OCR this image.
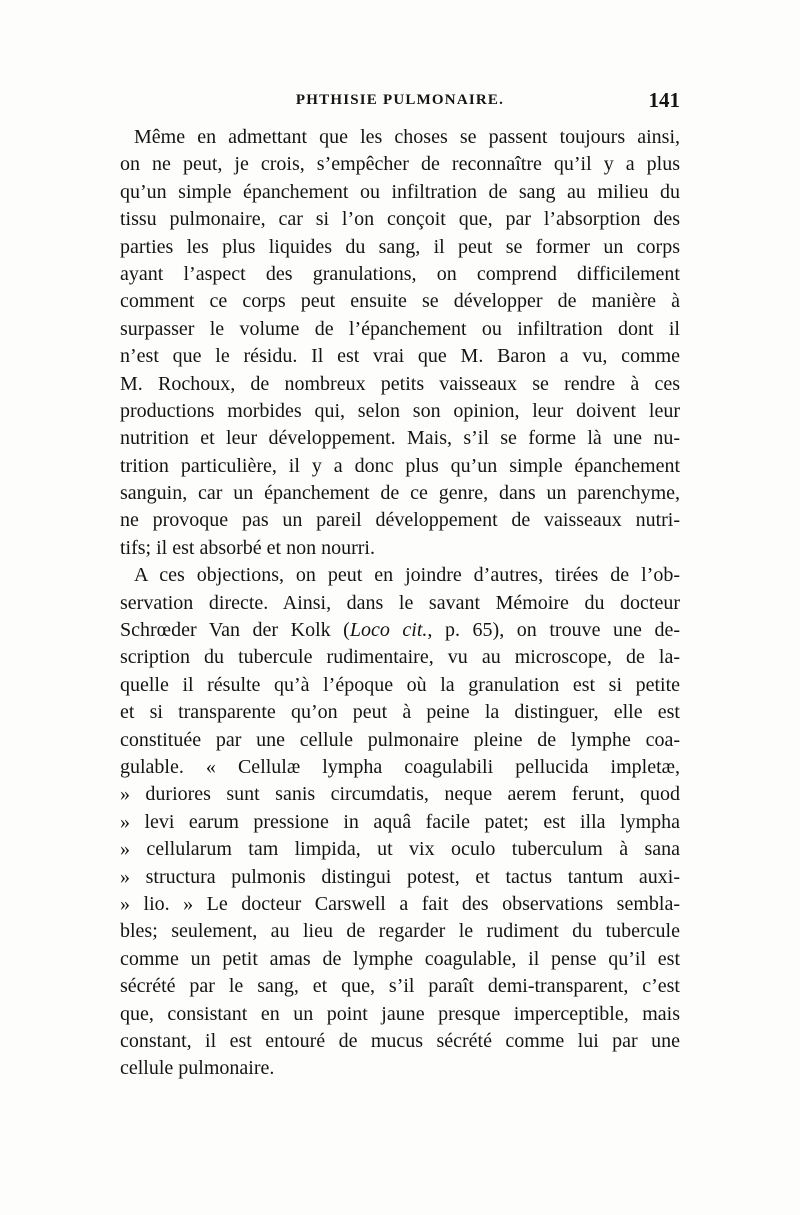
PHTHISIE PULMONAIRE.	141
Même en admettant que les choses se passent toujours ainsi,
on ne peut, je crois, s’empêcher de reconnaître qu’il y a plus
qu’un simple épanchement ou infiltration de sang au milieu du
tissu pulmonaire, car si l’on conçoit que, par l’absorption des
parties les plus liquides du sang, il peut se former un corps
ayant l’aspect des granulations, on comprend difficilement
comment ce corps peut ensuite se développer de manière à
surpasser le volume de l’épanchement ou infiltration dont il
n’est que le résidu. Il est vrai que M. Baron a vu, comme
M. Rochoux, de nombreux petits vaisseaux se rendre à ces
productions morbides qui, selon son opinion, leur doivent leur
nutrition et leur développement. Mais, s’il se forme là une nu-
trition particulière, il y a donc plus qu’un simple épanchement
sanguin, car un épanchement de ce genre, dans un parenchyme,
ne provoque pas un pareil développement de vaisseaux nutri-
tifs; il est absorbé et non nourri.
A ces objections, on peut en joindre d’autres, tirées de l’ob-
servation directe. Ainsi, dans le savant Mémoire du docteur
Schrœder Van der Kolk (Loco cit., p. 65), on trouve une de-
scription du tubercule rudimentaire, vu au microscope, de la-
quelle il résulte qu’à l’époque où la granulation est si petite
et si transparente qu’on peut à peine la distinguer, elle est
constituée par une cellule pulmonaire pleine de lymphe coa-
gulable. « Cellulæ lympha coagulabili pellucida impletæ,
» duriores sunt sanis circumdatis, neque aerem ferunt, quod
» levi earum pressione in aquâ facile patet; est illa lympha
» cellularum tam limpida, ut vix oculo tuberculum à sana
» structura pulmonis distingui potest, et tactus tantum auxi-
» lio. » Le docteur Carswell a fait des observations sembla-
bles; seulement, au lieu de regarder le rudiment du tubercule
comme un petit amas de lymphe coagulable, il pense qu’il est
sécrété par le sang, et que, s’il paraît demi-transparent, c’est
que, consistant en un point jaune presque imperceptible, mais
constant, il est entouré de mucus sécrété comme lui par une
cellule pulmonaire.
